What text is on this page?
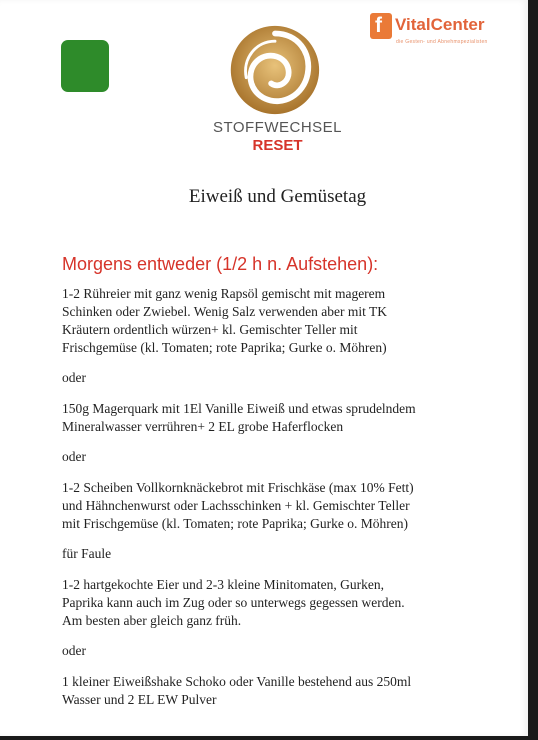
STOFFWECHSEL
RESET
f VitalCenter
die Gesten- und Abnehmspezialisten
Eiweiß und Gemüsetag
Morgens entweder (1/2 h n. Aufstehen):

1-2 Rühreier mit ganz wenig Rapsöl gemischt mit magerem
Schinken oder Zwiebel. Wenig Salz verwenden aber mit TK
Kräutern ordentlich würzen+ kl. Gemischter Teller mit
Frischgemüse (kl. Tomaten; rote Paprika; Gurke o. Möhren)

oder

150g Magerquark mit 1El Vanille Eiweiß und etwas sprudelndem
Mineralwasser verrühren+ 2 EL grobe Haferflocken

oder

1-2 Scheiben Vollkornknäckebrot mit Frischkäse (max 10% Fett)
und Hähnchenwurst oder Lachsschinken + kl. Gemischter Teller
mit Frischgemüse (kl. Tomaten; rote Paprika; Gurke o. Möhren)

für Faule

1-2 hartgekochte Eier und 2-3 kleine Minitomaten, Gurken,
Paprika kann auch im Zug oder so unterwegs gegessen werden.
Am besten aber gleich ganz früh.

oder

1 kleiner Eiweißshake Schoko oder Vanille bestehend aus 250ml
Wasser und 2 EL EW Pulver
